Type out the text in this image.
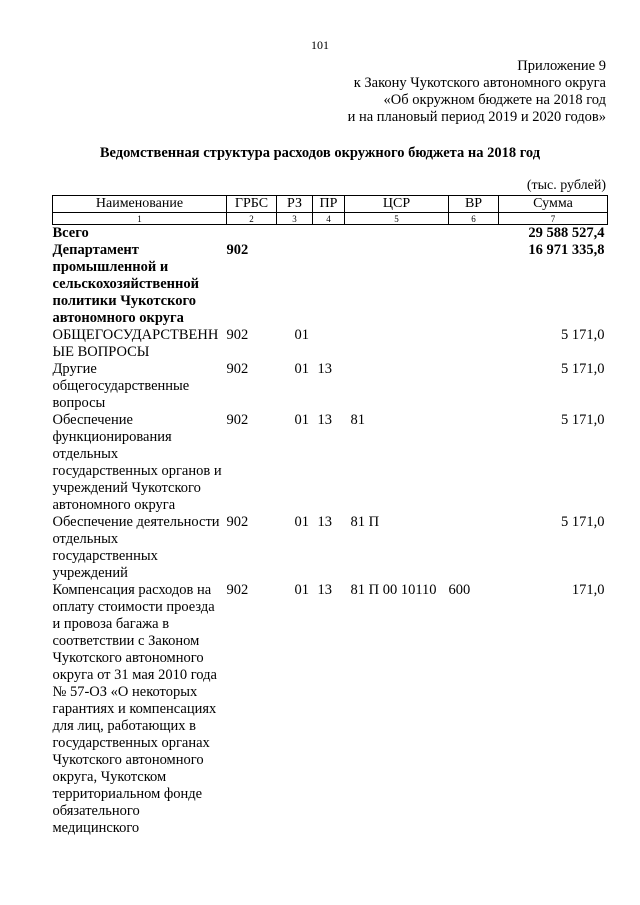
101
Приложение 9
к Закону Чукотского автономного округа
«Об окружном бюджете на 2018 год
и на плановый период 2019 и 2020 годов»
Ведомственная структура расходов окружного бюджета на 2018 год
(тыс. рублей)
Наименование	ГРБС	РЗ	ПР	ЦСР	ВР	Сумма
1	2	3	4	5	6	7
Всего						29 588 527,4
Департамент промышленной и сельскохозяйственной политики Чукотского автономного округа	902					16 971 335,8
ОБЩЕГОСУДАРСТВЕННЫЕ ВОПРОСЫ	902	01				5 171,0
Другие общегосударственные вопросы	902	01	13			5 171,0
Обеспечение функционирования отдельных государственных органов и учреждений Чукотского автономного округа	902	01	13	81		5 171,0
Обеспечение деятельности отдельных государственных учреждений	902	01	13	81 П		5 171,0
Компенсация расходов на оплату стоимости проезда и провоза багажа в соответствии с Законом Чукотского автономного округа от 31 мая 2010 года № 57-ОЗ «О некоторых гарантиях и компенсациях для лиц, работающих в государственных органах Чукотского автономного округа, Чукотском территориальном фонде обязательного медицинского	902	01	13	81 П 00 10110	600	171,0
